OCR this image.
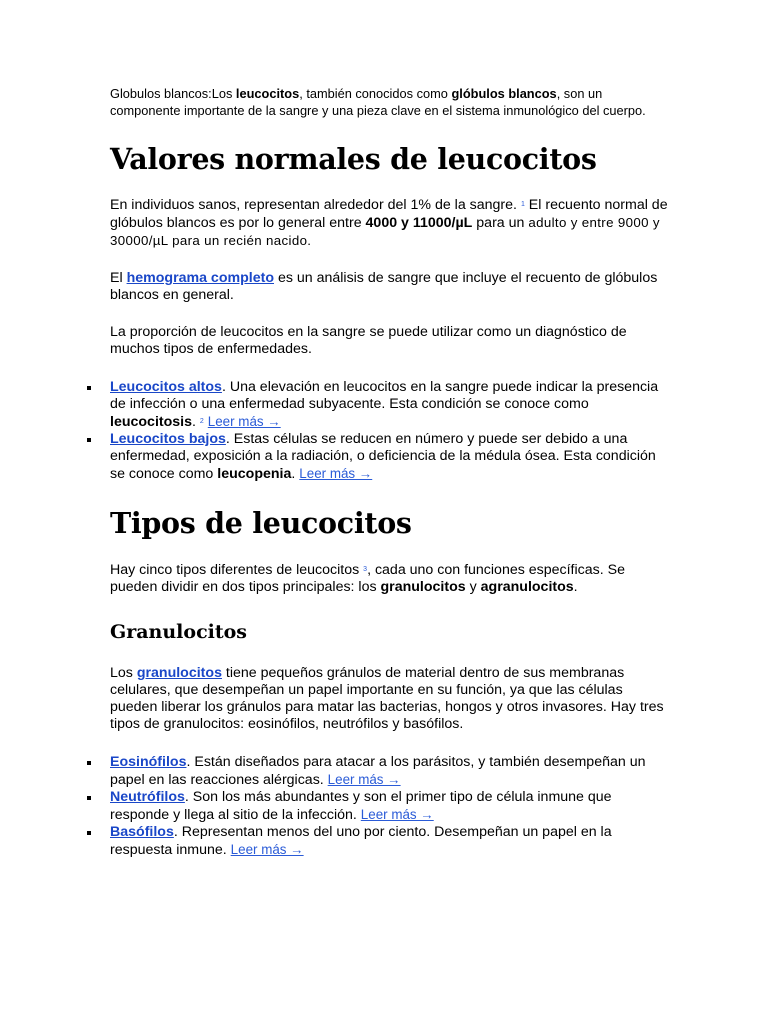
Globulos blancos:Los leucocitos, también conocidos como glóbulos blancos, son un componente importante de la sangre y una pieza clave en el sistema inmunológico del cuerpo.

Valores normales de leucocitos

En individuos sanos, representan alrededor del 1% de la sangre. $^1$ El recuento normal de glóbulos blancos es por lo general entre 4000 y 11000/µL para un adulto y entre 9000 y 30000/µL para un recién nacido.

El hemograma completo es un análisis de sangre que incluye el recuento de glóbulos blancos en general.

La proporción de leucocitos en la sangre se puede utilizar como un diagnóstico de muchos tipos de enfermedades.

Leucocitos altos. Una elevación en leucocitos en la sangre puede indicar la presencia de infección o una enfermedad subyacente. Esta condición se conoce como leucocitosis. $^2$ Leer más →
Leucocitos bajos. Estas células se reducen en número y puede ser debido a una enfermedad, exposición a la radiación, o deficiencia de la médula ósea. Esta condición se conoce como leucopenia. Leer más →
Tipos de leucocitos

Hay cinco tipos diferentes de leucocitos $^3$, cada uno con funciones específicas. Se pueden dividir en dos tipos principales: los granulocitos y agranulocitos.

Granulocitos

Los granulocitos tiene pequeños gránulos de material dentro de sus membranas celulares, que desempeñan un papel importante en su función, ya que las células pueden liberar los gránulos para matar las bacterias, hongos y otros invasores. Hay tres tipos de granulocitos: eosinófilos, neutrófilos y basófilos.

Eosinófilos. Están diseñados para atacar a los parásitos, y también desempeñan un papel en las reacciones alérgicas. Leer más →
Neutrófilos. Son los más abundantes y son el primer tipo de célula inmune que responde y llega al sitio de la infección. Leer más →
Basófilos. Representan menos del uno por ciento. Desempeñan un papel en la respuesta inmune. Leer más →
